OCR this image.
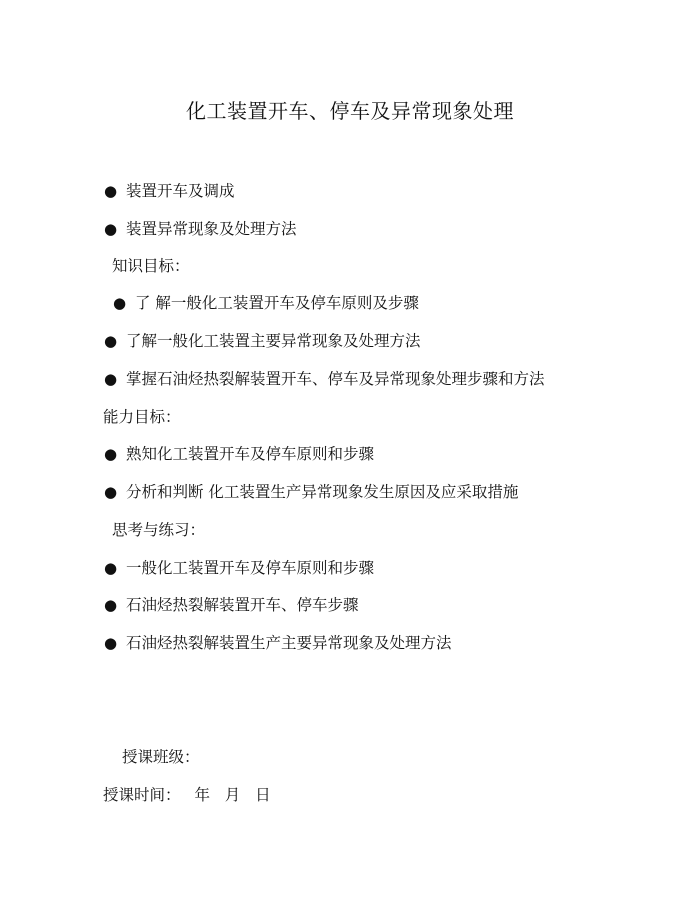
化工装置开车、停车及异常现象处理
● 装置开车及调成
● 装置异常现象及处理方法
知识目标：
● 了 解一般化工装置开车及停车原则及步骤
● 了解一般化工装置主要异常现象及处理方法
● 掌握石油烃热裂解装置开车、停车及异常现象处理步骤和方法
能力目标：
● 熟知化工装置开车及停车原则和步骤
● 分析和判断 化工装置生产异常现象发生原因及应采取措施
思考与练习：
● 一般化工装置开车及停车原则和步骤
● 石油烃热裂解装置开车、停车步骤
● 石油烃热裂解装置生产主要异常现象及处理方法
授课班级：
授课时间： 年   月   日
